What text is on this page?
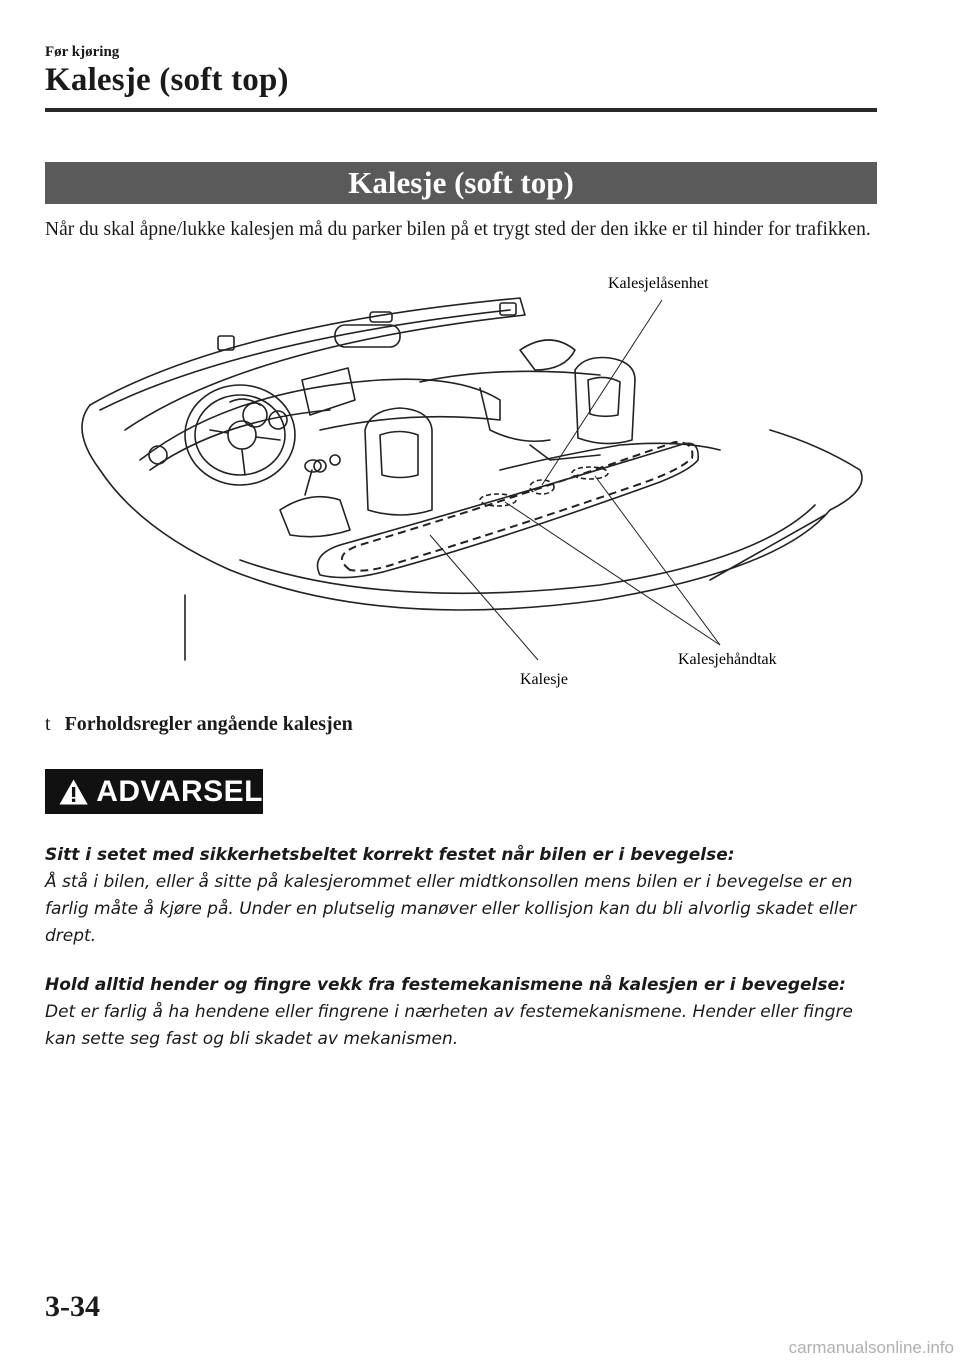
Før kjøring
Kalesje (soft top)
Kalesje (soft top)
Når du skal åpne/lukke kalesjen må du parker bilen på et trygt sted der den ikke er til hinder for trafikken.
Kalesjelåsenhet
Kalesjehåndtak
Kalesje
t Forholdsregler angående kalesjen
ADVARSEL
Sitt i setet med sikkerhetsbeltet korrekt festet når bilen er i bevegelse:
Å stå i bilen, eller å sitte på kalesjerommet eller midtkonsollen mens bilen er i bevegelse er en farlig måte å kjøre på. Under en plutselig manøver eller kollisjon kan du bli alvorlig skadet eller drept.
Hold alltid hender og fingre vekk fra festemekanismene nå kalesjen er i bevegelse:
Det er farlig å ha hendene eller fingrene i nærheten av festemekanismene. Hender eller fingre kan sette seg fast og bli skadet av mekanismen.
3-34
carmanualsonline.info
